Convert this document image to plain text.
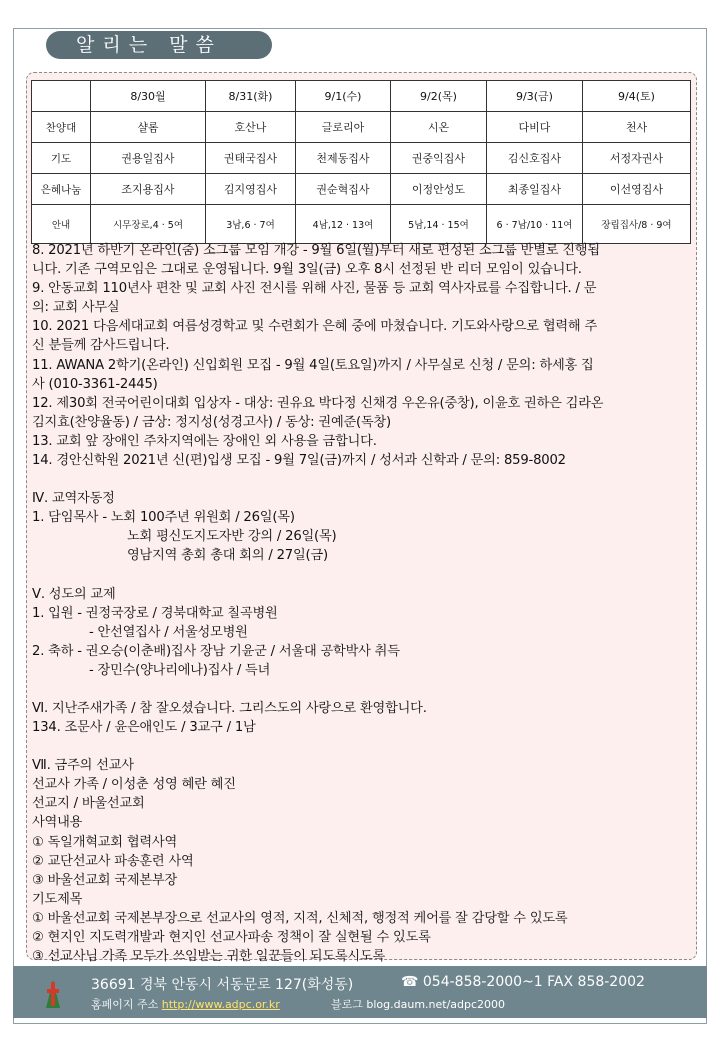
알리는 말씀
	8/30월	8/31(화)	9/1(수)	9/2(목)	9/3(금)	9/4(토)
찬양대	샬롬	호산나	글로리아	시온	다비다	천사
기도	권용일집사	권태국집사	천제동집사	권중익집사	김신호집사	서정자권사
은혜나눔	조지용집사	김지영집사	권순혁집사	이정안성도	최종일집사	이선영집사
안내	시무장로,4 · 5여	3남,6 · 7여	4남,12 · 13여	5남,14 · 15여	6 · 7남/10 · 11여	장립집사/8 · 9여
8. 2021년 하반기 온라인(줌) 소그룹 모임 개강 - 9월 6일(월)부터 새로 편성된 소그룹 반별로 진행됩
니다. 기존 구역모임은 그대로 운영됩니다. 9월 3일(금) 오후 8시 선정된 반 리더 모임이 있습니다.
9. 안동교회 110년사 편찬 및 교회 사진 전시를 위해 사진, 물품 등 교회 역사자료를 수집합니다. / 문
의: 교회 사무실
10. 2021 다음세대교회 여름성경학교 및 수련회가 은혜 중에 마쳤습니다. 기도와사랑으로 협력해 주
신 분들께 감사드립니다.
11. AWANA 2학기(온라인) 신입회원 모집 - 9월 4일(토요일)까지 / 사무실로 신청 / 문의: 하세홍 집
사 (010-3361-2445)
12. 제30회 전국어린이대회 입상자 - 대상: 권유요 박다정 신채경 우온유(중창), 이윤호 권하은 김라온
김지효(찬양율동) / 금상: 정지성(성경고사) / 동상: 권예준(독창)
13. 교회 앞 장애인 주차지역에는 장애인 외 사용을 금합니다.
14. 경안신학원 2021년 신(편)입생 모집 - 9월 7일(금)까지 / 성서과 신학과 / 문의: 859-8002
Ⅳ. 교역자동정
1. 담임목사 - 노회 100주년 위원회 / 26일(목)
노회 평신도지도자반 강의 / 26일(목)
영남지역 총회 총대 회의 / 27일(금)
Ⅴ. 성도의 교제
1. 입원 - 권정국장로 / 경북대학교 칠곡병원
- 안선열집사 / 서울성모병원
2. 축하 - 권오승(이춘배)집사 장남 기윤군 / 서울대 공학박사 취득
- 장민수(양나리에나)집사 / 득녀
Ⅵ. 지난주새가족 / 참 잘오셨습니다. 그리스도의 사랑으로 환영합니다.
134. 조문사 / 윤은애인도 / 3교구 / 1남
Ⅶ. 금주의 선교사
선교사 가족 / 이성춘 성영 혜란 혜진
선교지 / 바울선교회
사역내용
① 독일개혁교회 협력사역
② 교단선교사 파송훈련 사역
③ 바울선교회 국제본부장
기도제목
① 바울선교회 국제본부장으로 선교사의 영적, 지적, 신체적, 행정적 케어를 잘 감당할 수 있도록
② 현지인 지도력개발과 현지인 선교사파송 정책이 잘 실현될 수 있도록
③ 선교사님 가족 모두가 쓰임받는 귀한 일꾼들이 되도록시도록
36691 경북 안동시 서동문로 127(화성동)	☎ 054-858-2000~1 FAX 858-2002
홈페이지 주소 http://www.adpc.or.kr	블로그 blog.daum.net/adpc2000
